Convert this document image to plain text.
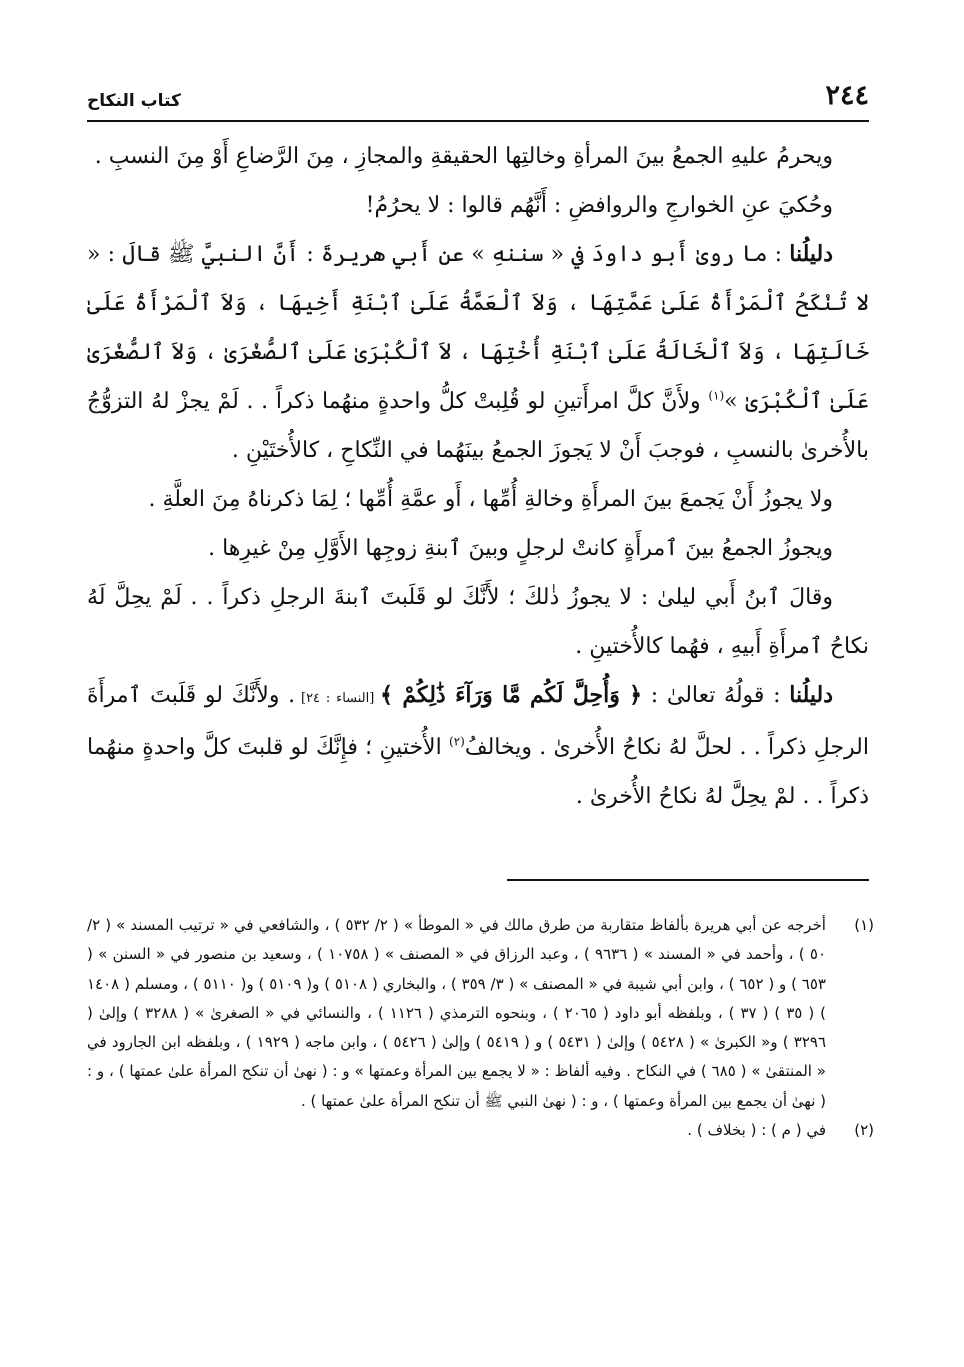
٢٤٤
كتاب النكاح

ويحرمُ عليهِ الجمعُ بينَ المرأةِ وخالتِها الحقيقةِ والمجازِ ، مِنَ الرَّضاعِ أَوْ مِنَ النسبِ .

وحُكيَ عنِ الخوارجِ والروافضِ : أَنَّهُم قالوا : لا يحرُمُ!

دليلُنا : ما روىٰ أَبو داودَ في « سننهِ » عن أَبي هريرةَ : أَنَّ النبيَّ ﷺ قالَ : « لا تُنْكَحُ ٱلْمَرْأَةُ عَلَىٰ عَمَّتِهَا ، وَلاَ ٱلْعَمَّةُ عَلَىٰ ٱبْنَةِ أَخِيهَا ، وَلاَ ٱلْمَرْأَةُ عَلَىٰ خَالَتِهَا ، وَلاَ ٱلْخَالَةُ عَلَىٰ ٱبْنَةِ أُخْتِهَا ، لاَ ٱلْكُبْرَىٰ عَلَىٰ ٱلصُّغْرَىٰ ، وَلاَ ٱلصُّغْرَىٰ عَلَىٰ ٱلْكُبْرَىٰ »$^{(١)}$ ولأَنَّ كلَّ امرأَتينِ لو قُلِبتْ كلُّ واحدةٍ منهُما ذكراً . . لَمْ يجزْ لهُ التزوُّجُ بالأُخرىٰ بالنسبِ ، فوجبَ أَنْ لا يَجوزَ الجمعُ بينَهُما في النِّكاحِ ، كالأُختَيْنِ .

ولا يجوزُ أَنْ يَجمعَ بينَ المرأَةِ وخالةِ أُمِّها ، أَو عمَّةِ أُمِّها ؛ لِمَا ذكرناهُ مِنَ العلَّةِ .

ويجوزُ الجمعُ بينَ ٱمرأَةٍ كانتْ لرجلٍ وبينَ ٱبنةِ زوجِها الأَوَّلِ مِنْ غيرِها .

وقالَ ٱبنُ أَبي ليلىٰ : لا يجوزُ ذٰلكَ ؛ لأَنَّكَ لو قَلَبتَ ٱبنةَ الرجلِ ذكراً . . لَمْ يحِلَّ لَهُ نكاحُ ٱمرأَةِ أَبيهِ ، فهُما كالأُختينِ .

دليلُنا : قولُهُ تعالىٰ : ﴿ وَأُحِلَّ لَكُم مَّا وَرَآءَ ذَٰلِكُمْ ﴾ [النساء : ٢٤] . ولأَنَّكَ لو قَلَبتَ ٱمرأَةَ الرجلِ ذكراً . . لحلَّ لهُ نكاحُ الأُخرىٰ . ويخالفُ$^{(٢)}$ الأُختينِ ؛ فإِنَّكَ لو قلبتَ كلَّ واحدةٍ منهُما ذكراً . . لمْ يحِلَّ لهُ نكاحُ الأُخرىٰ .

(١)
أخرجه عن أبي هريرة بألفاظ متقاربة من طرق مالك في « الموطأ » ( ٢/ ٥٣٢ ) ، والشافعي في « ترتيب المسند » ( ٢/ ٥٠ ) ، وأحمد في « المسند » ( ٩٦٣٦ ) ، وعبد الرزاق في « المصنف » ( ١٠٧٥٨ ) ، وسعيد بن منصور في « السنن » ( ٦٥٣ ) و ( ٦٥٢ ) ، وابن أبي شيبة في « المصنف » ( ٣/ ٣٥٩ ) ، والبخاري ( ٥١٠٨ ) و( ٥١٠٩ ) و( ٥١١٠ ) ، ومسلم ( ١٤٠٨ ) ( ٣٥ ) ( ٣٧ ) ، وبلفظه أبو داود ( ٢٠٦٥ ) ، وبنحوه الترمذي ( ١١٢٦ ) ، والنسائي في « الصغرىٰ » ( ٣٢٨٨ ) وإلىٰ ( ٣٢٩٦ ) و« الكبرىٰ » ( ٥٤٢٨ ) وإلىٰ ( ٥٤٣١ ) و ( ٥٤١٩ ) وإلىٰ ( ٥٤٢٦ ) ، وابن ماجه ( ١٩٢٩ ) ، وبلفظه ابن الجارود في « المنتقىٰ » ( ٦٨٥ ) في النكاح . وفيه ألفاظ : « لا يجمع بين المرأة وعمتها » و : ( نهىٰ أن تنكح المرأة علىٰ عمتها ) ، و : ( نهىٰ أن يجمع بين المرأة وعمتها ) ، و : ( نهىٰ النبي ﷺ أن تنكح المرأة علىٰ عمتها ) .
(٢)
في ( م ) : ( بخلاف ) .
